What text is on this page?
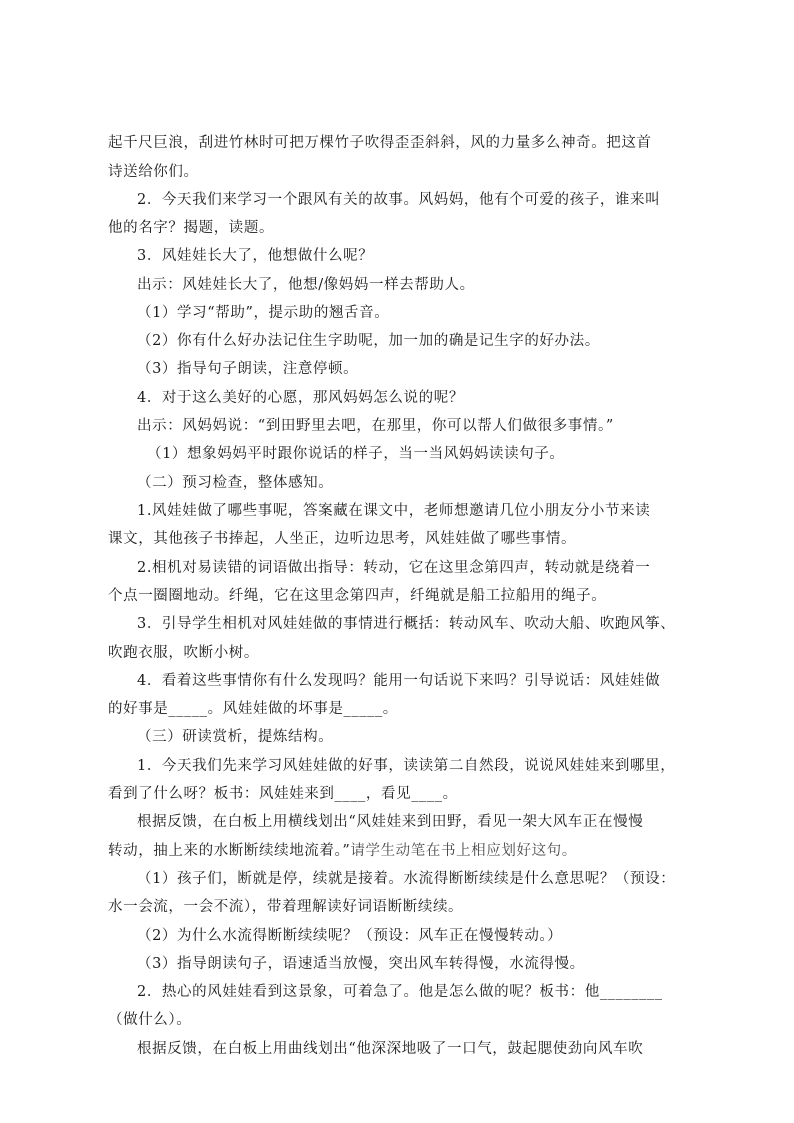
起千尺巨浪，刮进竹林时可把万棵竹子吹得歪歪斜斜，风的力量多么神奇。把这首
诗送给你们。
2．今天我们来学习一个跟风有关的故事。风妈妈，他有个可爱的孩子，谁来叫
他的名字？揭题，读题。
3．风娃娃长大了，他想做什么呢？
出示：风娃娃长大了，他想/像妈妈一样去帮助人。
（1）学习“帮助”，提示助的翘舌音。
（2）你有什么好办法记住生字助呢，加一加的确是记生字的好办法。
（3）指导句子朗读，注意停顿。
4．对于这么美好的心愿，那风妈妈怎么说的呢？
出示：风妈妈说：“到田野里去吧，在那里，你可以帮人们做很多事情。”
（1）想象妈妈平时跟你说话的样子，当一当风妈妈读读句子。
（二）预习检查，整体感知。
1.风娃娃做了哪些事呢，答案藏在课文中，老师想邀请几位小朋友分小节来读
课文，其他孩子书捧起，人坐正，边听边思考，风娃娃做了哪些事情。
2.相机对易读错的词语做出指导：转动，它在这里念第四声，转动就是绕着一
个点一圈圈地动。纤绳，它在这里念第四声，纤绳就是船工拉船用的绳子。
3．引导学生相机对风娃娃做的事情进行概括：转动风车、吹动大船、吹跑风筝、
吹跑衣服，吹断小树。
4．看着这些事情你有什么发现吗？能用一句话说下来吗？引导说话：风娃娃做
的好事是_____。风娃娃做的坏事是_____。
（三）研读赏析，提炼结构。
1．今天我们先来学习风娃娃做的好事，读读第二自然段，说说风娃娃来到哪里，
看到了什么呀？板书：风娃娃来到____，看见____。
根据反馈，在白板上用横线划出“风娃娃来到田野，看见一架大风车正在慢慢
转动，抽上来的水断断续续地流着。”请学生动笔在书上相应划好这句。
（1）孩子们，断就是停，续就是接着。水流得断断续续是什么意思呢？（预设：
水一会流，一会不流），带着理解读好词语断断续续。
（2）为什么水流得断断续续呢？（预设：风车正在慢慢转动。）
（3）指导朗读句子，语速适当放慢，突出风车转得慢，水流得慢。
2．热心的风娃娃看到这景象，可着急了。他是怎么做的呢？板书：他________
（做什么）。
根据反馈，在白板上用曲线划出“他深深地吸了一口气，鼓起腮使劲向风车吹
